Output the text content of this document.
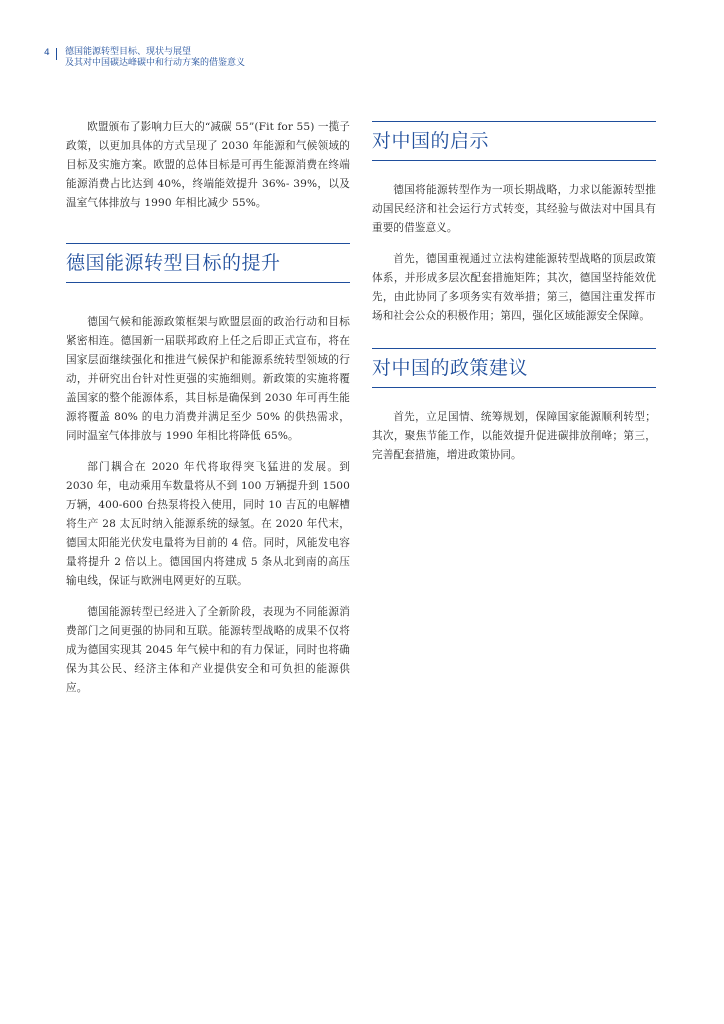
4	德国能源转型目标、现状与展望
及其对中国碳达峰碳中和行动方案的借鉴意义

欧盟颁布了影响力巨大的“减碳 55”(Fit for 55) 一揽子政策，以更加具体的方式呈现了 2030 年能源和气候领域的目标及实施方案。欧盟的总体目标是可再生能源消费在终端能源消费占比达到 40%，终端能效提升 36%- 39%，以及温室气体排放与 1990 年相比减少 55%。

德国能源转型目标的提升

德国气候和能源政策框架与欧盟层面的政治行动和目标紧密相连。德国新一届联邦政府上任之后即正式宣布，将在国家层面继续强化和推进气候保护和能源系统转型领域的行动，并研究出台针对性更强的实施细则。新政策的实施将覆盖国家的整个能源体系，其目标是确保到 2030 年可再生能源将覆盖 80% 的电力消费并满足至少 50% 的供热需求，同时温室气体排放与 1990 年相比将降低 65%。

部门耦合在 2020 年代将取得突飞猛进的发展。到 2030 年，电动乘用车数量将从不到 100 万辆提升到 1500 万辆，400-600 台热泵将投入使用，同时 10 吉瓦的电解槽将生产 28 太瓦时纳入能源系统的绿氢。在 2020 年代末，德国太阳能光伏发电量将为目前的 4 倍。同时，风能发电容量将提升 2 倍以上。德国国内将建成 5 条从北到南的高压输电线，保证与欧洲电网更好的互联。

德国能源转型已经进入了全新阶段，表现为不同能源消费部门之间更强的协同和互联。能源转型战略的成果不仅将成为德国实现其 2045 年气候中和的有力保证，同时也将确保为其公民、经济主体和产业提供安全和可负担的能源供应。

对中国的启示

德国将能源转型作为一项长期战略，力求以能源转型推动国民经济和社会运行方式转变，其经验与做法对中国具有重要的借鉴意义。

首先，德国重视通过立法构建能源转型战略的顶层政策体系，并形成多层次配套措施矩阵；其次，德国坚持能效优先，由此协同了多项务实有效举措；第三，德国注重发挥市场和社会公众的积极作用；第四，强化区域能源安全保障。

对中国的政策建议

首先，立足国情、统筹规划，保障国家能源顺利转型；其次，聚焦节能工作，以能效提升促进碳排放削峰；第三，完善配套措施，增进政策协同。
